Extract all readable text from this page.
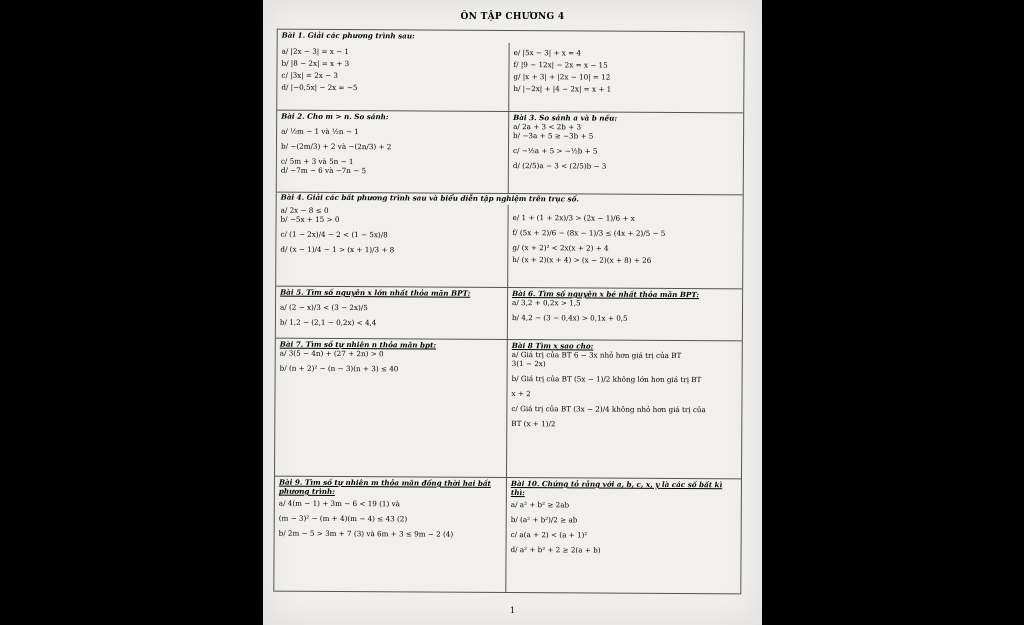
ÔN TẬP CHƯƠNG 4
Bài 1. Giải các phương trình sau:
a/ |2x − 3| = x − 1
b/ |8 − 2x| = x + 3
c/ |3x| = 2x − 3
d/ |−0,5x| − 2x = −5
e/ |5x − 3| + x = 4
f/ |9 − 12x| − 2x = x − 15
g/ |x + 3| + |2x − 10| = 12
h/ |−2x| + |4 − 2x| = x + 1
Bài 2. Cho m > n. So sánh:
a/ ½m − 1 và ½n − 1
b/ −(2m/3) + 2 và −(2n/3) + 2
c/ 5m + 3 và 5n − 1
d/ −7m − 6 và −7n − 5
Bài 3. So sánh a và b nếu:
a/ 2a + 3 < 2b + 3
b/ −3a + 5 ≥ −3b + 5
c/ −½a + 5 > −½b + 5
d/ (2/5)a − 3 < (2/5)b − 3
Bài 4. Giải các bất phương trình sau và biểu diễn tập nghiệm trên trục số.
a/ 2x − 8 ≤ 0
b/ −5x + 15 > 0
c/ (1 − 2x)/4 − 2 < (1 − 5x)/8
d/ (x − 1)/4 − 1 > (x + 1)/3 + 8
e/ 1 + (1 + 2x)/3 > (2x − 1)/6 + x
f/ (5x + 2)/6 − (8x − 1)/3 ≤ (4x + 2)/5 − 5
g/ (x + 2)² < 2x(x + 2) + 4
h/ (x + 2)(x + 4) > (x − 2)(x + 8) + 26
Bài 5. Tìm số nguyên x lớn nhất thỏa mãn BPT:
a/ (2 − x)/3 < (3 − 2x)/5
b/ 1,2 − (2,1 − 0,2x) < 4,4
Bài 6. Tìm số nguyên x bé nhất thỏa mãn BPT:
a/ 3,2 + 0,2x > 1,5
b/ 4,2 − (3 − 0,4x) > 0,1x + 0,5
Bài 7. Tìm số tự nhiên n thỏa mãn bpt:
a/ 3(5 − 4n) + (27 + 2n) > 0
b/ (n + 2)² − (n − 3)(n + 3) ≤ 40
Bài 8 Tìm x sao cho:
a/ Giá trị của BT 6 − 3x nhỏ hơn giá trị của BT
3(1 − 2x)
b/ Giá trị của BT (5x − 1)/2 không lớn hơn giá trị BT
x + 2
c/ Giá trị của BT (3x − 2)/4 không nhỏ hơn giá trị của
BT (x + 1)/2
Bài 9. Tìm số tự nhiên m thỏa mãn đồng thời hai bất phương trình:
a/ 4(m − 1) + 3m − 6 < 19 (1) và
(m − 3)² − (m + 4)(m − 4) ≤ 43 (2)
b/ 2m − 5 > 3m + 7 (3) và 6m + 3 ≤ 9m − 2 (4)
Bài 10. Chứng tỏ rằng với a, b, c, x, y là các số bất kì thì:
a/ a² + b² ≥ 2ab
b/ (a² + b²)/2 ≥ ab
c/ a(a + 2) < (a + 1)²
d/ a² + b² + 2 ≥ 2(a + b)
1
